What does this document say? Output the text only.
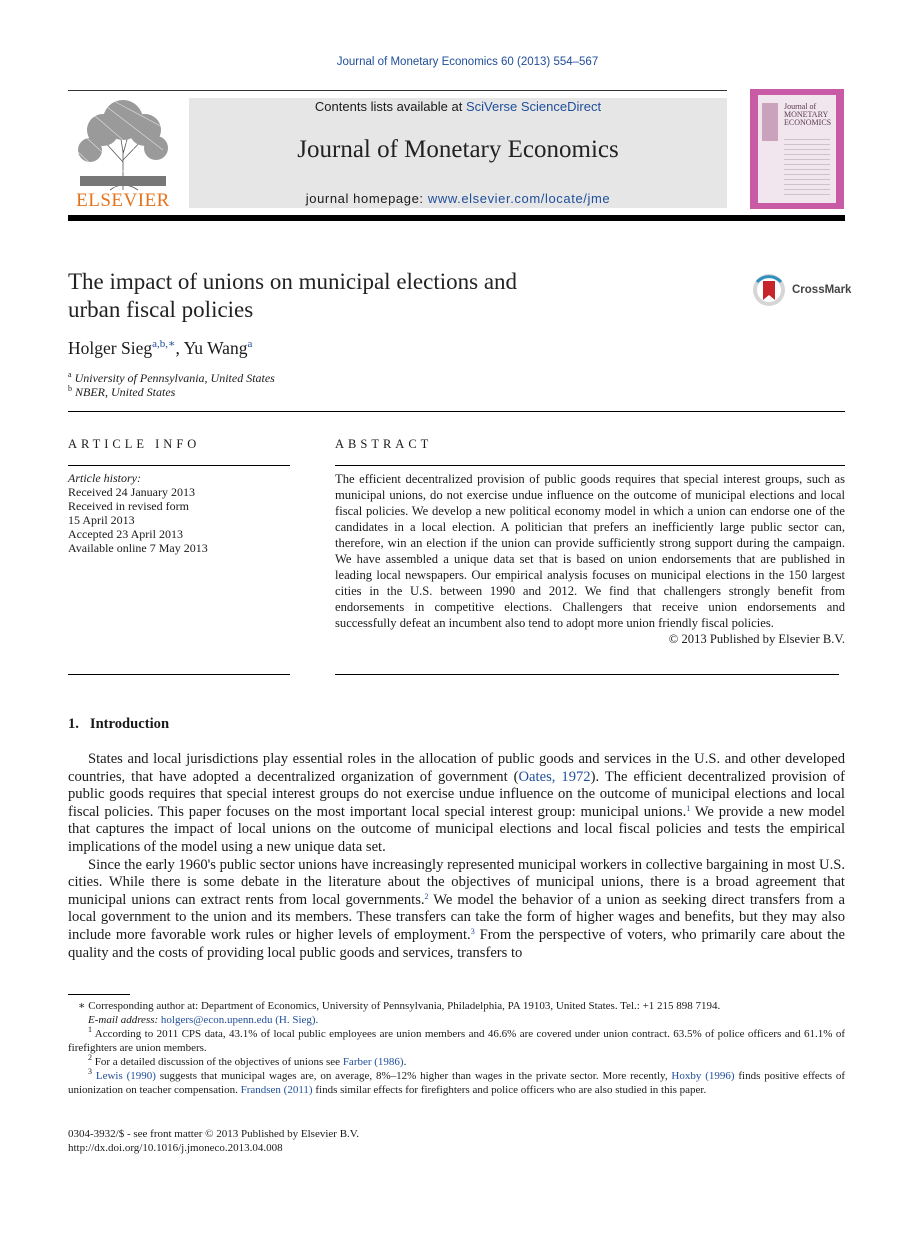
Journal of Monetary Economics 60 (2013) 554–567
ELSEVIER
Contents lists available at SciVerse ScienceDirect
Journal of Monetary Economics
journal homepage: www.elsevier.com/locate/jme
Journal of
MONETARY
ECONOMICS
The impact of unions on municipal elections and
urban fiscal policies
CrossMark
Holger Sieg$^{a,b,∗}$, Yu Wang$^a$
$^a$ University of Pennsylvania, United States
$^b$ NBER, United States
ARTICLE INFO
Article history:
Received 24 January 2013
Received in revised form
15 April 2013
Accepted 23 April 2013
Available online 7 May 2013
ABSTRACT

The efficient decentralized provision of public goods requires that special interest groups, such as municipal unions, do not exercise undue influence on the outcome of municipal elections and local fiscal policies. We develop a new political economy model in which a union can endorse one of the candidates in a local election. A politician that prefers an inefficiently large public sector can, therefore, win an election if the union can provide sufficiently strong support during the campaign. We have assembled a unique data set that is based on union endorsements that are published in leading local newspapers. Our empirical analysis focuses on municipal elections in the 150 largest cities in the U.S. between 1990 and 2012. We find that challengers strongly benefit from endorsements in competitive elections. Challengers that receive union endorsements and successfully defeat an incumbent also tend to adopt more union friendly fiscal policies.

© 2013 Published by Elsevier B.V.

1.   Introduction

States and local jurisdictions play essential roles in the allocation of public goods and services in the U.S. and other developed countries, that have adopted a decentralized organization of government (Oates, 1972). The efficient decentralized provision of public goods requires that special interest groups do not exercise undue influence on the outcome of municipal elections and local fiscal policies. This paper focuses on the most important local special interest group: municipal unions.$^1$ We provide a new model that captures the impact of local unions on the outcome of municipal elections and local fiscal policies and tests the empirical implications of the model using a new unique data set.

Since the early 1960's public sector unions have increasingly represented municipal workers in collective bargaining in most U.S. cities. While there is some debate in the literature about the objectives of municipal unions, there is a broad agreement that municipal unions can extract rents from local governments.$^2$ We model the behavior of a union as seeking direct transfers from a local government to the union and its members. These transfers can take the form of higher wages and benefits, but they may also include more favorable work rules or higher levels of employment.$^3$ From the perspective of voters, who primarily care about the quality and the costs of providing local public goods and services, transfers to

∗ Corresponding author at: Department of Economics, University of Pennsylvania, Philadelphia, PA 19103, United States. Tel.: +1 215 898 7194.

E-mail address: holgers@econ.upenn.edu (H. Sieg).

$^1$ According to 2011 CPS data, 43.1% of local public employees are union members and 46.6% are covered under union contract. 63.5% of police officers and 61.1% of firefighters are union members.

$^2$ For a detailed discussion of the objectives of unions see Farber (1986).

$^3$ Lewis (1990) suggests that municipal wages are, on average, 8%–12% higher than wages in the private sector. More recently, Hoxby (1996) finds positive effects of unionization on teacher compensation. Frandsen (2011) finds similar effects for firefighters and police officers who are also studied in this paper.

0304-3932/$ - see front matter © 2013 Published by Elsevier B.V.
http://dx.doi.org/10.1016/j.jmoneco.2013.04.008
